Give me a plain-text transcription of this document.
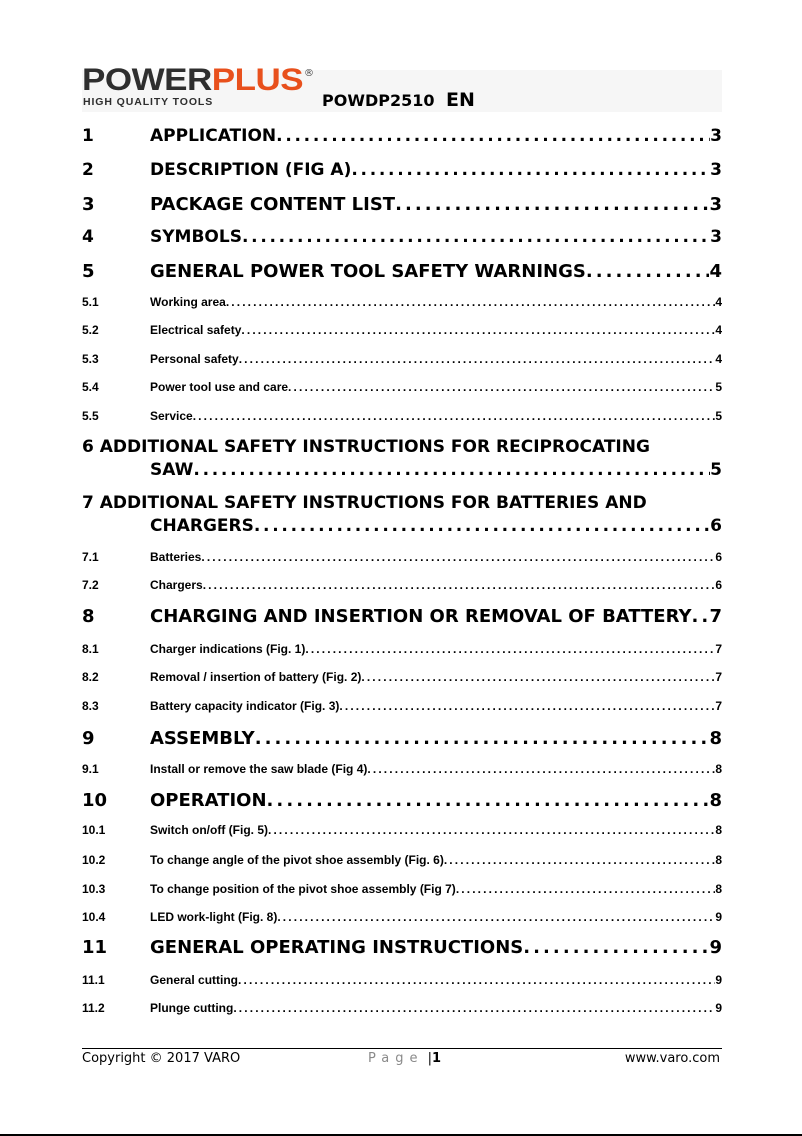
POWERPLUS ®
HIGH QUALITY TOOLS	POWDP2510 EN
1	APPLICATION . . .	3
2	DESCRIPTION (FIG A) . . .	3
3	PACKAGE CONTENT LIST . . .	3
4	SYMBOLS . . .	3
5	GENERAL POWER TOOL SAFETY WARNINGS . . .	4
5.1	Working area . . .	4
5.2	Electrical safety . . .	4
5.3	Personal safety . . .	4
5.4	Power tool use and care . . .	5
5.5	Service . . .	5
6 ADDITIONAL SAFETY INSTRUCTIONS FOR RECIPROCATING
SAW . . .	5
7 ADDITIONAL SAFETY INSTRUCTIONS FOR BATTERIES AND
CHARGERS . . .	6
7.1	Batteries . . .	6
7.2	Chargers . . .	6
8	CHARGING AND INSERTION OR REMOVAL OF BATTERY . . . 7
8.1	Charger indications (Fig. 1) . . .	7
8.2	Removal / insertion of battery (Fig. 2) . . .	7
8.3	Battery capacity indicator (Fig. 3) . . .	7
9	ASSEMBLY . . .	8
9.1	Install or remove the saw blade (Fig 4) . . .	8
10	OPERATION . . .	8
10.1	Switch on/off (Fig. 5) . . .	8
10.2	To change angle of the pivot shoe assembly (Fig. 6) . . .	8
10.3	To change position of the pivot shoe assembly (Fig 7) . . .	8
10.4	LED work-light (Fig. 8) . . .	9
11	GENERAL OPERATING INSTRUCTIONS . . .	9
11.1	General cutting . . .	9
11.2	Plunge cutting . . .	9
Copyright © 2017 VARO	Page |1	www.varo.com
